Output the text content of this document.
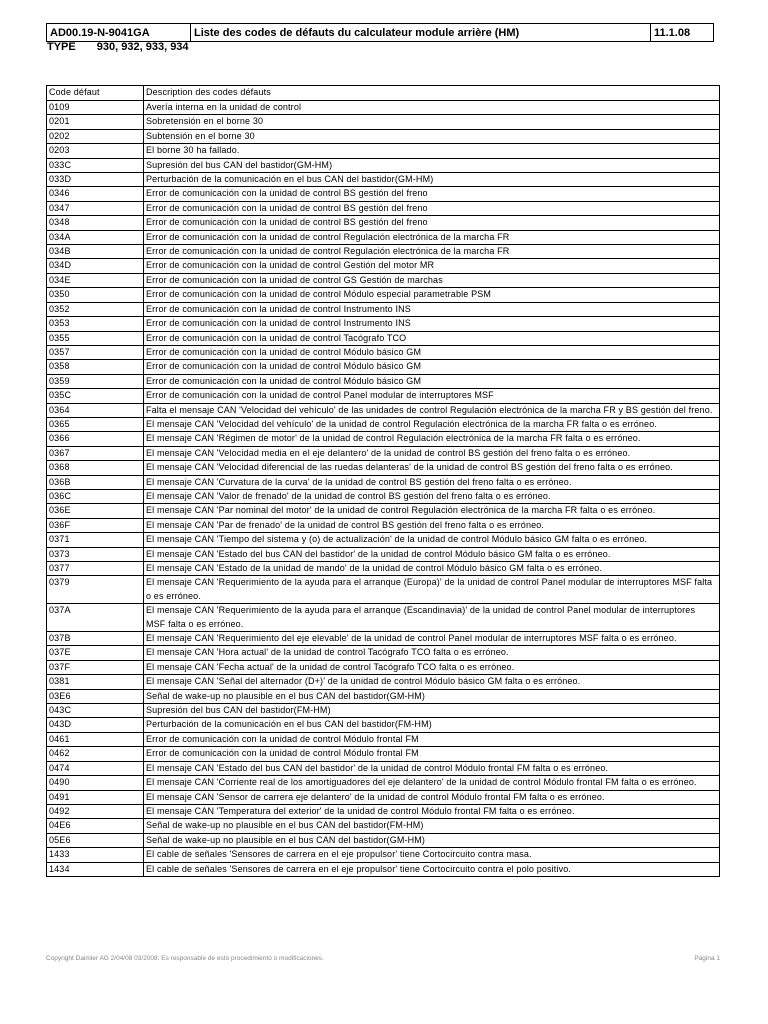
AD00.19-N-9041GA	Liste des codes de défauts du calculateur module arrière (HM)	11.1.08
TYPE 930, 932, 933, 934
Code défaut	Description des codes défauts
0109	Avería interna en la unidad de control
0201	Sobretensión en el borne 30
0202	Subtensión en el borne 30
0203	El borne 30 ha fallado.
033C	Supresión del bus CAN del bastidor(GM-HM)
033D	Perturbación de la comunicación en el bus CAN del bastidor(GM-HM)
0346	Error de comunicación con la unidad de control BS gestión del freno
0347	Error de comunicación con la unidad de control BS gestión del freno
0348	Error de comunicación con la unidad de control BS gestión del freno
034A	Error de comunicación con la unidad de control Regulación electrónica de la marcha FR
034B	Error de comunicación con la unidad de control Regulación electrónica de la marcha FR
034D	Error de comunicación con la unidad de control Gestión del motor MR
034E	Error de comunicación con la unidad de control GS Gestión de marchas
0350	Error de comunicación con la unidad de control Módulo especial parametrable PSM
0352	Error de comunicación con la unidad de control Instrumento INS
0353	Error de comunicación con la unidad de control Instrumento INS
0355	Error de comunicación con la unidad de control Tacógrafo TCO
0357	Error de comunicación con la unidad de control Módulo básico GM
0358	Error de comunicación con la unidad de control Módulo básico GM
0359	Error de comunicación con la unidad de control Módulo básico GM
035C	Error de comunicación con la unidad de control Panel modular de interruptores MSF
0364	Falta el mensaje CAN 'Velocidad del vehículo' de las unidades de control Regulación electrónica de la marcha FR y BS gestión del freno.
0365	El mensaje CAN 'Velocidad del vehículo' de la unidad de control Regulación electrónica de la marcha FR falta o es erróneo.
0366	El mensaje CAN 'Régimen de motor' de la unidad de control Regulación electrónica de la marcha FR falta o es erróneo.
0367	El mensaje CAN 'Velocidad media en el eje delantero' de la unidad de control BS gestión del freno falta o es erróneo.
0368	El mensaje CAN 'Velocidad diferencial de las ruedas delanteras' de la unidad de control BS gestión del freno falta o es erróneo.
036B	El mensaje CAN 'Curvatura de la curva' de la unidad de control BS gestión del freno falta o es erróneo.
036C	El mensaje CAN 'Valor de frenado' de la unidad de control BS gestión del freno falta o es erróneo.
036E	El mensaje CAN 'Par nominal del motor' de la unidad de control Regulación electrónica de la marcha FR falta o es erróneo.
036F	El mensaje CAN 'Par de frenado' de la unidad de control BS gestión del freno falta o es erróneo.
0371	El mensaje CAN 'Tiempo del sistema y (o) de actualización' de la unidad de control Módulo básico GM falta o es erróneo.
0373	El mensaje CAN 'Estado del bus CAN del bastidor' de la unidad de control Módulo básico GM falta o es erróneo.
0377	El mensaje CAN 'Estado de la unidad de mando' de la unidad de control Módulo básico GM falta o es erróneo.
0379	El mensaje CAN 'Requerimiento de la ayuda para el arranque (Europa)' de la unidad de control Panel modular de interruptores MSF falta o es erróneo.
037A	El mensaje CAN 'Requerimiento de la ayuda para el arranque (Escandinavia)' de la unidad de control Panel modular de interruptores MSF falta o es erróneo.
037B	El mensaje CAN 'Requerimiento del eje elevable' de la unidad de control Panel modular de interruptores MSF falta o es erróneo.
037E	El mensaje CAN 'Hora actual' de la unidad de control Tacógrafo TCO falta o es erróneo.
037F	El mensaje CAN 'Fecha actual' de la unidad de control Tacógrafo TCO falta o es erróneo.
0381	El mensaje CAN 'Señal del alternador (D+)' de la unidad de control Módulo básico GM falta o es erróneo.
03E6	Señal de wake-up no plausible en el bus CAN del bastidor(GM-HM)
043C	Supresión del bus CAN del bastidor(FM-HM)
043D	Perturbación de la comunicación en el bus CAN del bastidor(FM-HM)
0461	Error de comunicación con la unidad de control Módulo frontal FM
0462	Error de comunicación con la unidad de control Módulo frontal FM
0474	El mensaje CAN 'Estado del bus CAN del bastidor' de la unidad de control Módulo frontal FM falta o es erróneo.
0490	El mensaje CAN 'Corriente real de los amortiguadores del eje delantero' de la unidad de control Módulo frontal FM falta o es erróneo.
0491	El mensaje CAN 'Sensor de carrera eje delantero' de la unidad de control Módulo frontal FM falta o es erróneo.
0492	El mensaje CAN 'Temperatura del exterior' de la unidad de control Módulo frontal FM falta o es erróneo.
04E6	Señal de wake-up no plausible en el bus CAN del bastidor(FM-HM)
05E6	Señal de wake-up no plausible en el bus CAN del bastidor(GM-HM)
1433	El cable de señales 'Sensores de carrera en el eje propulsor' tiene Cortocircuito contra masa.
1434	El cable de señales 'Sensores de carrera en el eje propulsor' tiene Cortocircuito contra el polo positivo.
Copyright Daimler AG 2/04/08 03/2008. Es responsable de esto procedimiento o modificaciones.	Página 1
